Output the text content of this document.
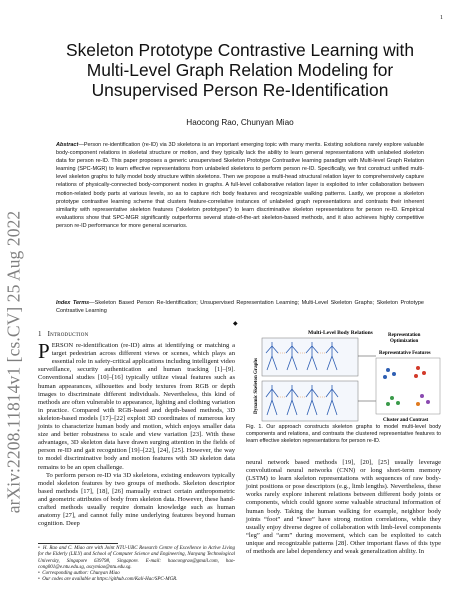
1
arXiv:2208.11814v1 [cs.CV] 25 Aug 2022
Skeleton Prototype Contrastive Learning with
Multi-Level Graph Relation Modeling for
Unsupervised Person Re-Identification
Haocong Rao, Chunyan Miao
Abstract—Person re-identification (re-ID) via 3D skeletons is an important emerging topic with many merits. Existing solutions rarely explore valuable body-component relations in skeletal structure or motion, and they typically lack the ability to learn general representations with unlabeled skeleton data for person re-ID. This paper proposes a generic unsupervised Skeleton Prototype Contrastive learning paradigm with Multi-level Graph Relation learning (SPC-MGR) to learn effective representations from unlabeled skeletons to perform person re-ID. Specifically, we first construct unified multi-level skeleton graphs to fully model body structure within skeletons. Then we propose a multi-head structural relation layer to comprehensively capture relations of physically-connected body-component nodes in graphs. A full-level collaborative relation layer is exploited to infer collaboration between motion-related body parts at various levels, so as to capture rich body features and recognizable walking patterns. Lastly, we propose a skeleton prototype contrastive learning scheme that clusters feature-correlative instances of unlabeled graph representations and contrasts their inherent similarity with representative skeleton features (“skeleton prototypes”) to learn discriminative skeleton representations for person re-ID. Empirical evaluations show that SPC-MGR significantly outperforms several state-of-the-art skeleton-based methods, and it also achieves highly competitive person re-ID performance for more general scenarios.
Index Terms—Skeleton Based Person Re-Identification; Unsupervised Representation Learning; Multi-Level Skeleton Graphs; Skeleton Prototype Contrastive Learning
◆
1 Introduction

PERSON re-identification (re-ID) aims at identifying or matching a target pedestrian across different views or scenes, which plays an essential role in safety-critical applications including intelligent video surveillance, security authentication and human tracking [1]–[9]. Conventional studies [10]–[16] typically utilize visual features such as human appearances, silhouettes and body textures from RGB or depth images to discriminate different individuals. Nevertheless, this kind of methods are often vulnerable to appearance, lighting and clothing variation in practice. Compared with RGB-based and depth-based methods, 3D skeleton-based models [17]–[22] exploit 3D coordinates of numerous key joints to characterize human body and motion, which enjoys smaller data size and better robustness to scale and view variation [23]. With these advantages, 3D skeleton data have drawn surging attention in the fields of person re-ID and gait recognition [19]–[22], [24], [25]. However, the way to model discriminative body and motion features with 3D skeleton data remains to be an open challenge.

To perform person re-ID via 3D skeletons, existing endeavors typically model skeleton features by two groups of methods. Skeleton descriptor based methods [17], [18], [26] manually extract certain anthropometric and geometric attributes of body from skeleton data. However, these hand-crafted methods usually require domain knowledge such as human anatomy [27], and cannot fully mine underlying features beyond human cognition. Deep

•  H. Rao and C. Miao are with Joint NTU-UBC Research Centre of Excellence in Active Living for the Elderly (LILY) and School of Computer Science and Engineering, Nanyang Technological University, Singapore 639798, Singapore. E-mail: haocongrao@gmail.com, hao-cong001@e.ntu.edu.sg, ascymiao@ntu.edu.sg.

•  Corresponding author: Chunyan Miao

•  Our codes are available at https://github.com/Kali-Hac/SPC-MGR.

Multi-Level Body Relations
Dynamic Skeleton Graphs
Representation
Optimization
Representative Features
Cluster and Contrast
Fig. 1. Our approach constructs skeleton graphs to model multi-level body components and relations, and contrasts the clustered representative features to learn effective skeleton representations for person re-ID.

neural network based methods [19], [20], [25] usually leverage convolutional neural networks (CNN) or long short-term memory (LSTM) to learn skeleton representations with sequences of raw body-joint positions or pose descriptors (e.g., limb lengths). Nevertheless, these works rarely explore inherent relations between different body joints or components, which could ignore some valuable structural information of human body. Taking the human walking for example, neighbor body joints “foot” and “knee” have strong motion correlations, while they usually enjoy diverse degree of collaboration with limb-level components “leg” and “arm” during movement, which can be exploited to catch unique and recognizable patterns [28]. Other important flaws of this type of methods are label dependency and weak generalization ability. In
